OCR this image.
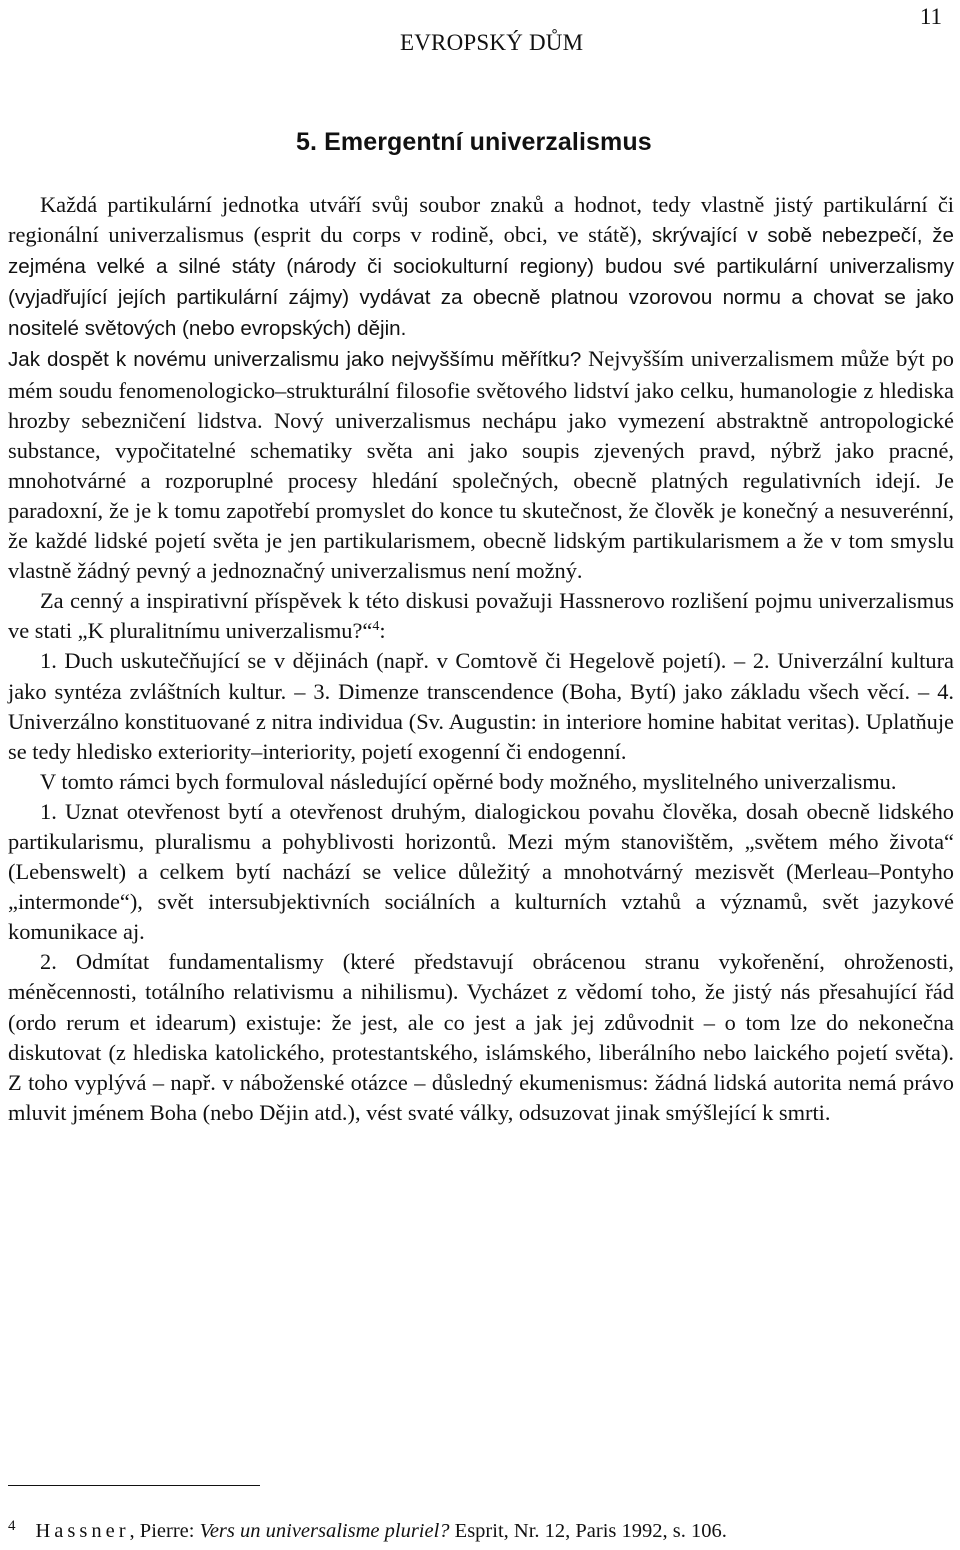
EVROPSKÝ DŮM
11
5. Emergentní univerzalismus

Každá partikulární jednotka utváří svůj soubor znaků a hodnot, tedy vlastně jistý partikulární či regionální univerzalismus (esprit du corps v rodině, obci, ve státě), skrývající v sobě nebezpečí, že zejména velké a silné státy (národy či sociokulturní regiony) budou své partikulární univerzalismy (vyjadřující jejích partikulární zájmy) vydávat za obecně platnou vzorovou normu a chovat se jako nositelé světových (nebo evropských) dějin.

Jak dospět k novému univerzalismu jako nejvyššímu měřítku? Nejvyšším univerzalismem může být po mém soudu fenomenologicko–strukturální filosofie světového lidství jako celku, humanologie z hlediska hrozby sebezničení lidstva. Nový univerzalismus nechápu jako vymezení abstraktně antropologické substance, vypočitatelné schematiky světa ani jako soupis zjevených pravd, nýbrž jako pracné, mnohotvárné a rozporuplné procesy hledání společných, obecně platných regulativních idejí. Je paradoxní, že je k tomu zapotřebí promyslet do konce tu skutečnost, že člověk je konečný a nesuverénní, že každé lidské pojetí světa je jen partikularismem, obecně lidským partikularismem a že v tom smyslu vlastně žádný pevný a jednoznačný univerzalismus není možný.

Za cenný a inspirativní příspěvek k této diskusi považuji Hassnerovo rozlišení pojmu univerzalismus ve stati „K pluralitnímu univerzalismu?“$^4$:

1. Duch uskutečňující se v dějinách (např. v Comtově či Hegelově pojetí). – 2. Univerzální kultura jako syntéza zvláštních kultur. – 3. Dimenze transcendence (Boha, Bytí) jako základu všech věcí. – 4. Univerzálno konstituované z nitra individua (Sv. Augustin: in interiore homine habitat veritas). Uplatňuje se tedy hledisko exteriority–interiority, pojetí exogenní či endogenní.

V tomto rámci bych formuloval následující opěrné body možného, myslitelného univerzalismu.

1. Uznat otevřenost bytí a otevřenost druhým, dialogickou povahu člověka, dosah obecně lidského partikularismu, pluralismu a pohyblivosti horizontů. Mezi mým stanovištěm, „světem mého života“ (Lebenswelt) a celkem bytí nachází se velice důležitý a mnohotvárný mezisvět (Merleau–Pontyho „intermonde“), svět intersubjektivních sociálních a kulturních vztahů a významů, svět jazykové komunikace aj.

2. Odmítat fundamentalismy (které představují obrácenou stranu vykořenění, ohroženosti, méněcennosti, totálního relativismu a nihilismu). Vycházet z vědomí toho, že jistý nás přesahující řád (ordo rerum et idearum) existuje: že jest, ale co jest a jak jej zdůvodnit – o tom lze do nekonečna diskutovat (z hlediska katolického, protestantského, islámského, liberálního nebo laického pojetí světa). Z toho vyplývá – např. v náboženské otázce – důsledný ekumenismus: žádná lidská autorita nemá právo mluvit jménem Boha (nebo Dějin atd.), vést svaté války, odsuzovat jinak smýšlející k smrti.

$^4$ Hassner, Pierre: Vers un universalisme pluriel? Esprit, Nr. 12, Paris 1992, s. 106.
